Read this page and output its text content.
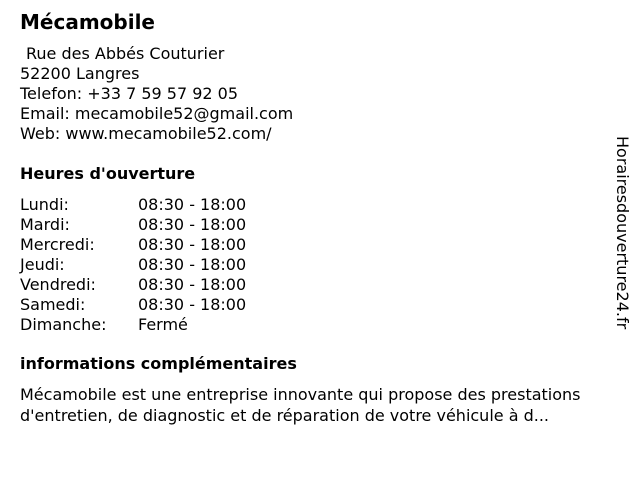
Mécamobile
Rue des Abbés Couturier
52200 Langres
Telefon: +33 7 59 57 92 05
Email: mecamobile52@gmail.com
Web: www.mecamobile52.com/
Heures d'ouverture
Lundi:	08:30 - 18:00
Mardi:	08:30 - 18:00
Mercredi:	08:30 - 18:00
Jeudi:	08:30 - 18:00
Vendredi:	08:30 - 18:00
Samedi:	08:30 - 18:00
Dimanche: Fermé
informations complémentaires
Mécamobile est une entreprise innovante qui propose des prestations d'entretien, de diagnostic et de réparation de votre véhicule à d...
Horairesdouverture24.fr
